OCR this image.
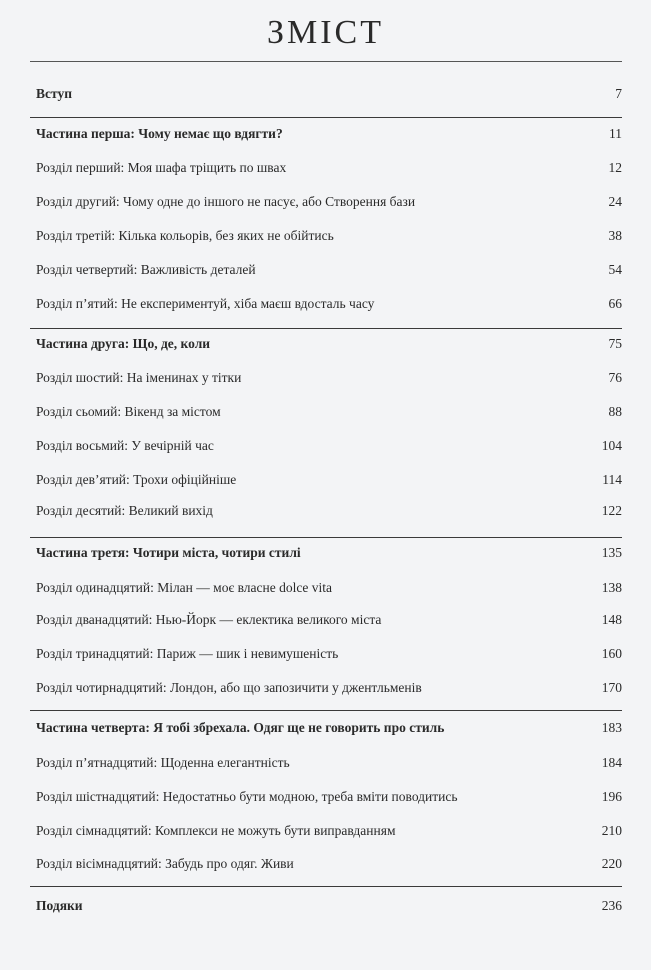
ЗМІСТ
Вступ	7
Частина перша: Чому немає що вдягти?	11
Розділ перший: Моя шафа тріщить по швах	12
Розділ другий: Чому одне до іншого не пасує, або Створення бази	24
Розділ третій: Кілька кольорів, без яких не обійтись	38
Розділ четвертий: Важливість деталей	54
Розділ п’ятий: Не експериментуй, хіба маєш вдосталь часу	66
Частина друга: Що, де, коли	75
Розділ шостий: На іменинах у тітки	76
Розділ сьомий: Вікенд за містом	88
Розділ восьмий: У вечірній час	104
Розділ дев’ятий: Трохи офіційніше	114
Розділ десятий: Великий вихід	122
Частина третя: Чотири міста, чотири стилі	135
Розділ одинадцятий: Мілан — моє власне dolce vita	138
Розділ дванадцятий: Нью-Йорк — еклектика великого міста	148
Розділ тринадцятий: Париж — шик і невимушеність	160
Розділ чотирнадцятий: Лондон, або що запозичити у джентльменів	170
Частина четверта: Я тобі збрехала. Одяг ще не говорить про стиль	183
Розділ п’ятнадцятий: Щоденна елегантність	184
Розділ шістнадцятий: Недостатньо бути модною, треба вміти поводитись	196
Розділ сімнадцятий: Комплекси не можуть бути виправданням	210
Розділ вісімнадцятий: Забудь про одяг. Живи	220
Подяки	236
